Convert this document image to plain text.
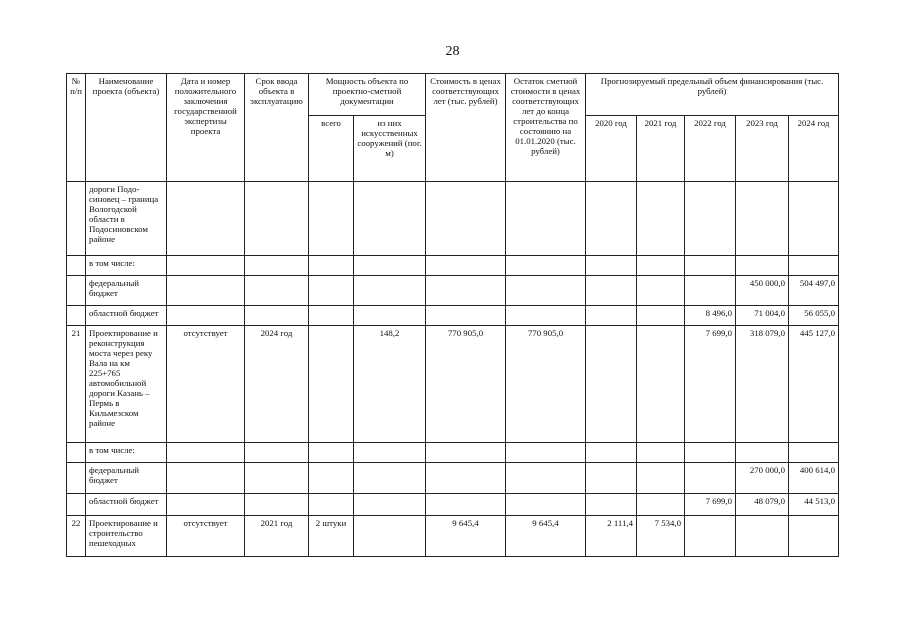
28
№ п/п	Наименование проекта (объекта)	Дата и номер положительного заключения государственной экспертизы проекта	Срок ввода объекта в эксплуатацию	Мощность объекта по проектно-сметной документации		Стоимость в ценах соответствующих лет (тыс. рублей)	Остаток сметной стоимости в ценах соответствующих лет до конца строительства по состоянию на 01.01.2020 (тыс. рублей)	Прогнозируемый предельный объем финансирования (тыс. рублей)				
				всего	из них искусственных сооружений (пог. м)			2020 год	2021 год	2022 год	2023 год	2024 год
	дороги Подо- синовец – граница Вологодской области в Подосиновском районе											
	в том числе:											
	федеральный бюджет										450 000,0	504 497,0
	областной бюджет									8 496,0	71 004,0	56 055,0
21	Проектирование и реконструкция моста через реку Вала на км 225+765 автомобильной дороги Казань – Пермь в Кильмезском районе	отсутствует	2024 год		148,2	770 905,0	770 905,0			7 699,0	318 079,0	445 127,0
	в том числе:											
	федеральный бюджет										270 000,0	400 614,0
	областной бюджет									7 699,0	48 079,0	44 513,0
22	Проектирование и строительство пешеходных	отсутствует	2021 год	2 штуки		9 645,4	9 645,4	2 111,4	7 534,0			
